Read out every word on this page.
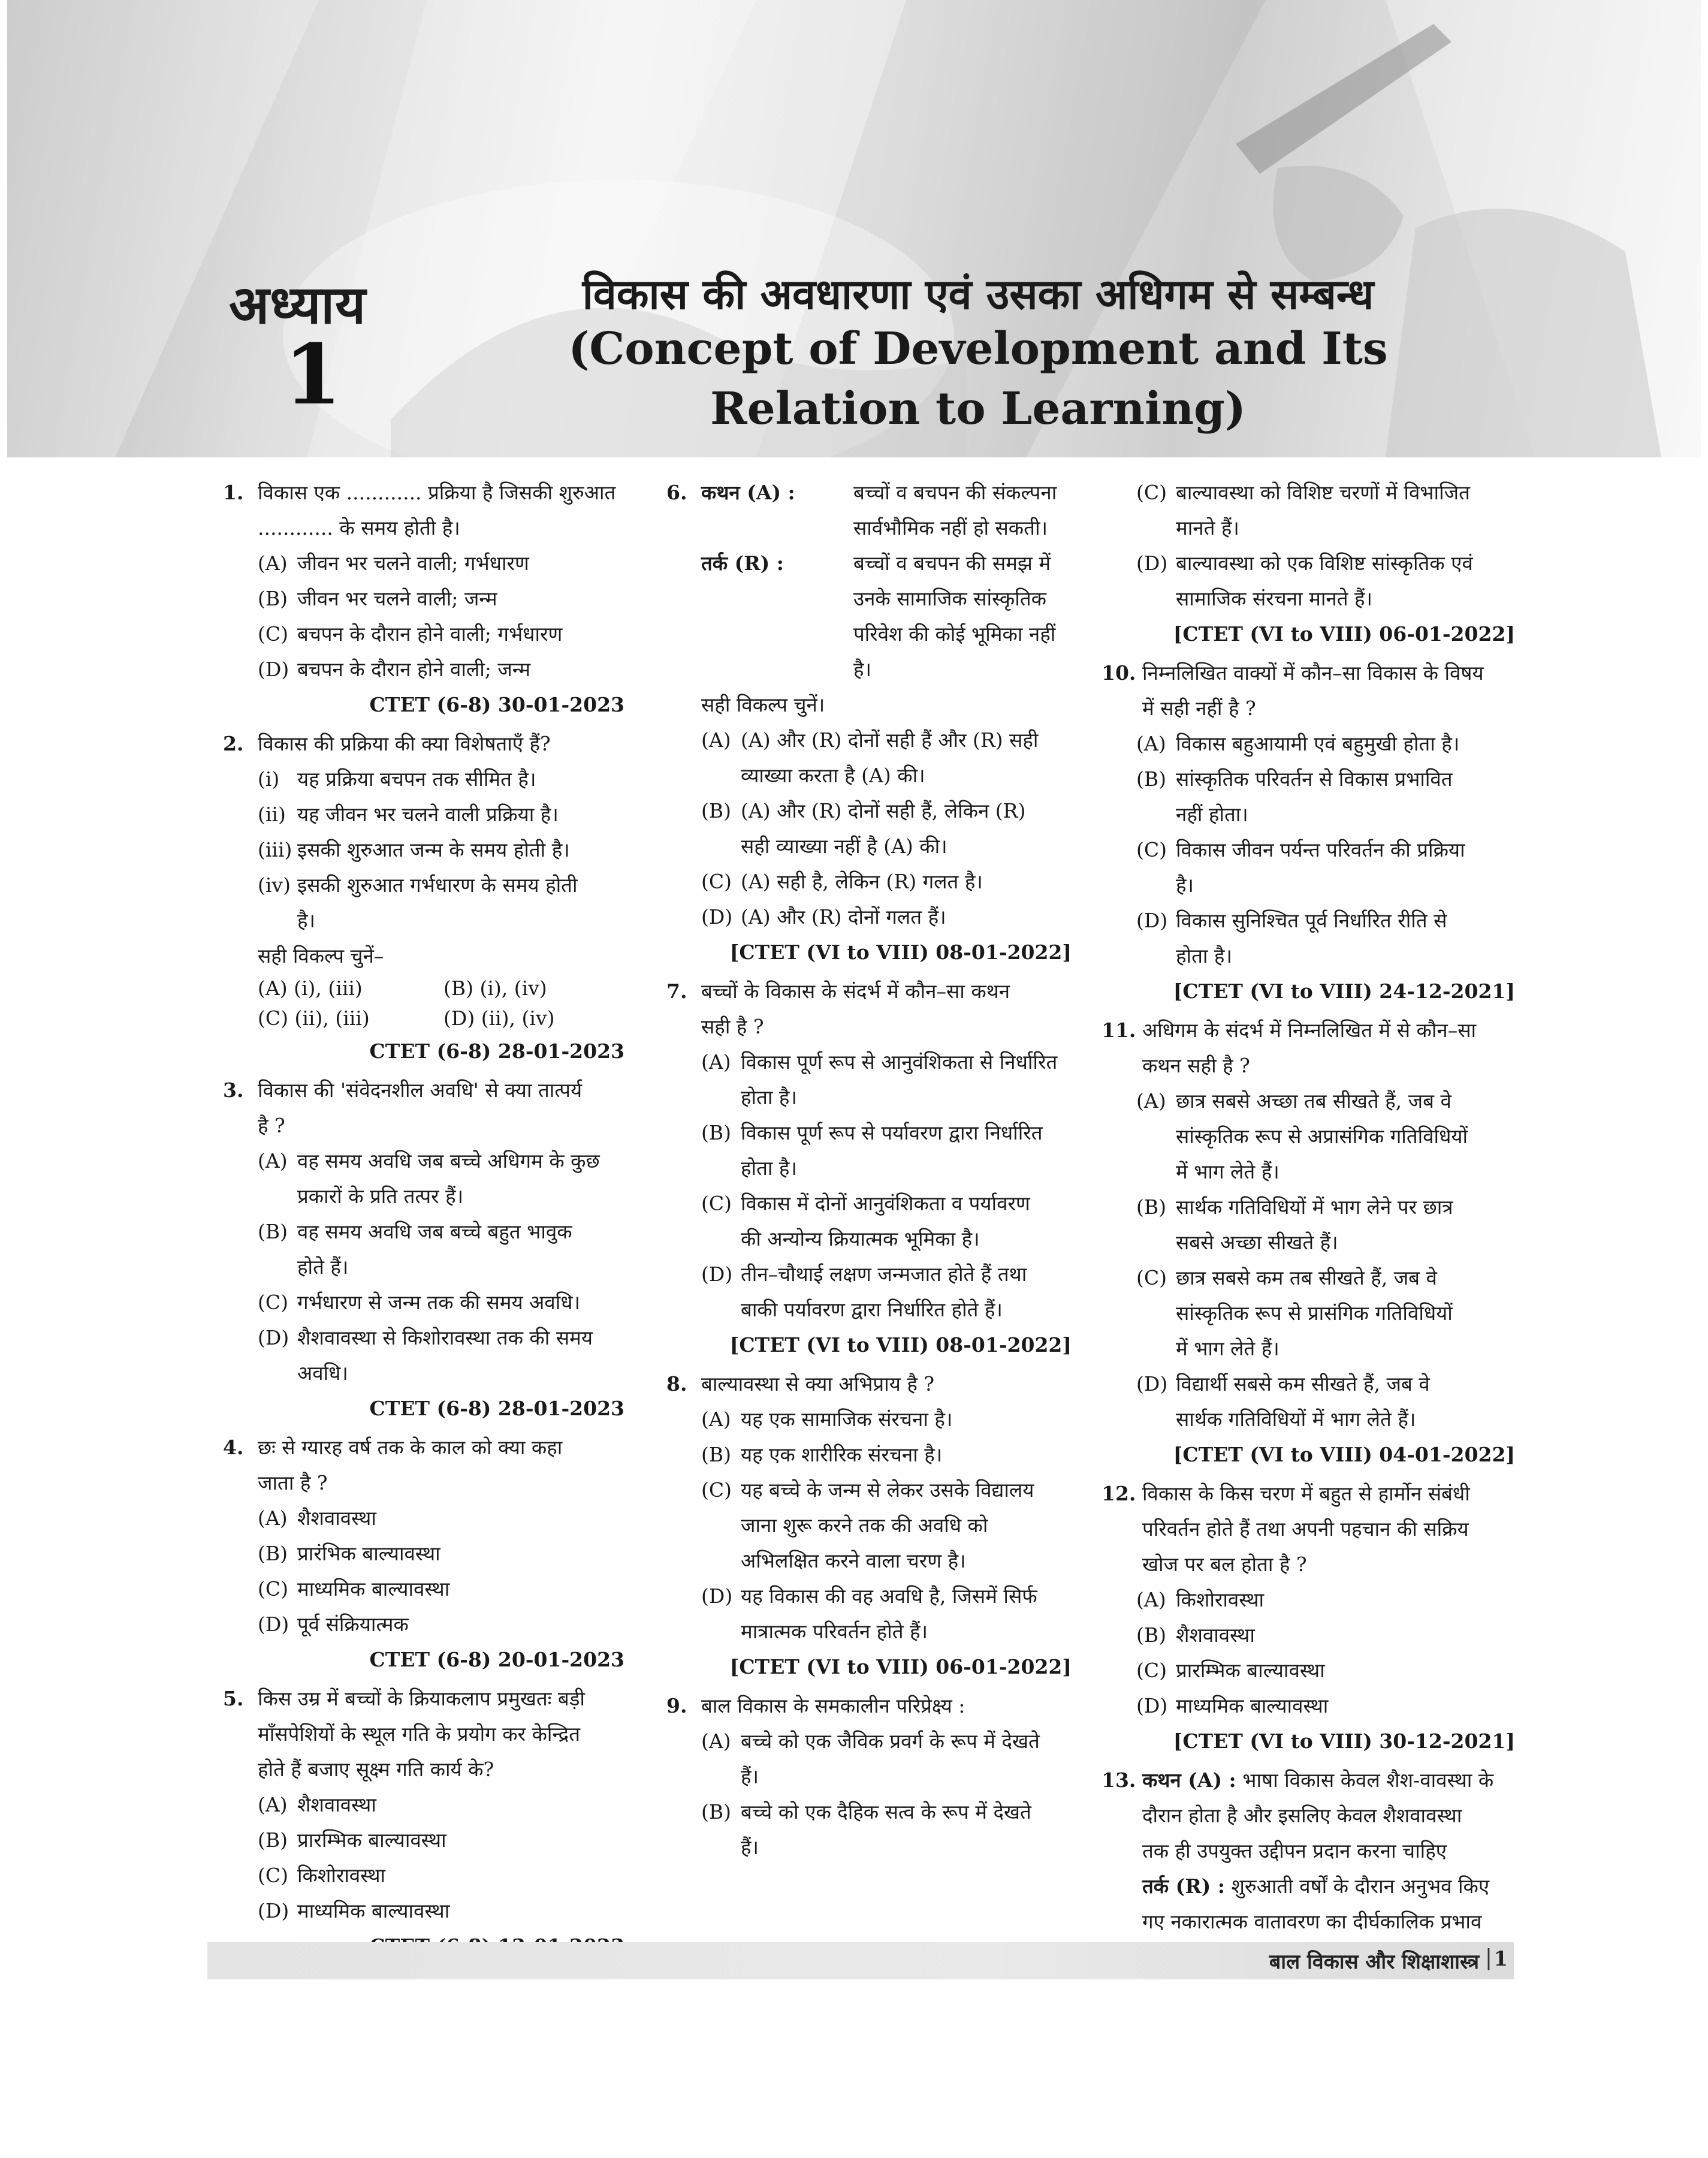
अध्याय
1
विकास की अवधारणा एवं उसका अधिगम से सम्बन्ध
(Concept of Development and Its
Relation to Learning)
1. विकास एक ............ प्रक्रिया है जिसकी शुरुआत
............ के समय होती है।
(A) जीवन भर चलने वाली; गर्भधारण
(B) जीवन भर चलने वाली; जन्म
(C) बचपन के दौरान होने वाली; गर्भधारण
(D) बचपन के दौरान होने वाली; जन्म
CTET (6-8) 30-01-2023
2. विकास की प्रक्रिया की क्या विशेषताएँ हैं?
(i) यह प्रक्रिया बचपन तक सीमित है।
(ii) यह जीवन भर चलने वाली प्रक्रिया है।
(iii) इसकी शुरुआत जन्म के समय होती है।
(iv) इसकी शुरुआत गर्भधारण के समय होती
है।
सही विकल्प चुनें–
(A) (i), (iii)	(B) (i), (iv)
(C) (ii), (iii)	(D) (ii), (iv)
CTET (6-8) 28-01-2023
3. विकास की 'संवेदनशील अवधि' से क्या तात्पर्य
है ?
(A) वह समय अवधि जब बच्चे अधिगम के कुछ
प्रकारों के प्रति तत्पर हैं।
(B) वह समय अवधि जब बच्चे बहुत भावुक
होते हैं।
(C) गर्भधारण से जन्म तक की समय अवधि।
(D) शैशवावस्था से किशोरावस्था तक की समय
अवधि।
CTET (6-8) 28-01-2023
4. छः से ग्यारह वर्ष तक के काल को क्या कहा
जाता है ?
(A) शैशवावस्था
(B) प्रारंभिक बाल्यावस्था
(C) माध्यमिक बाल्यावस्था
(D) पूर्व संक्रियात्मक
CTET (6-8) 20-01-2023
5. किस उम्र में बच्चों के क्रियाकलाप प्रमुखतः बड़ी
माँसपेशियों के स्थूल गति के प्रयोग कर केन्द्रित
होते हैं बजाए सूक्ष्म गति कार्य के?
(A) शैशवावस्था
(B) प्रारम्भिक बाल्यावस्था
(C) किशोरावस्था
(D) माध्यमिक बाल्यावस्था
6. कथन (A) :	बच्चों व बचपन की संकल्पना
सार्वभौमिक नहीं हो सकती।
तर्क (R) :	बच्चों व बचपन की समझ में
उनके सामाजिक सांस्कृतिक
परिवेश की कोई भूमिका नहीं
है।
सही विकल्प चुनें।
(A) (A) और (R) दोनों सही हैं और (R) सही
व्याख्या करता है (A) की।
(B) (A) और (R) दोनों सही हैं, लेकिन (R)
सही व्याख्या नहीं है (A) की।
(C) (A) सही है, लेकिन (R) गलत है।
(D) (A) और (R) दोनों गलत हैं।
[CTET (VI to VIII) 08-01-2022]
7. बच्चों के विकास के संदर्भ में कौन–सा कथन
सही है ?
(A) विकास पूर्ण रूप से आनुवंशिकता से निर्धारित
होता है।
(B) विकास पूर्ण रूप से पर्यावरण द्वारा निर्धारित
होता है।
(C) विकास में दोनों आनुवंशिकता व पर्यावरण
की अन्योन्य क्रियात्मक भूमिका है।
(D) तीन–चौथाई लक्षण जन्मजात होते हैं तथा
बाकी पर्यावरण द्वारा निर्धारित होते हैं।
[CTET (VI to VIII) 08-01-2022]
8. बाल्यावस्था से क्या अभिप्राय है ?
(A) यह एक सामाजिक संरचना है।
(B) यह एक शारीरिक संरचना है।
(C) यह बच्चे के जन्म से लेकर उसके विद्यालय
जाना शुरू करने तक की अवधि को
अभिलक्षित करने वाला चरण है।
(D) यह विकास की वह अवधि है, जिसमें सिर्फ
मात्रात्मक परिवर्तन होते हैं।
[CTET (VI to VIII) 06-01-2022]
9. बाल विकास के समकालीन परिप्रेक्ष्य :
(A) बच्चे को एक जैविक प्रवर्ग के रूप में देखते
हैं।
(B) बच्चे को एक दैहिक सत्व के रूप में देखते
हैं।
(C) बाल्यावस्था को विशिष्ट चरणों में विभाजित
मानते हैं।
(D) बाल्यावस्था को एक विशिष्ट सांस्कृतिक एवं
सामाजिक संरचना मानते हैं।
[CTET (VI to VIII) 06-01-2022]
10. निम्नलिखित वाक्यों में कौन–सा विकास के विषय
में सही नहीं है ?
(A) विकास बहुआयामी एवं बहुमुखी होता है।
(B) सांस्कृतिक परिवर्तन से विकास प्रभावित
नहीं होता।
(C) विकास जीवन पर्यन्त परिवर्तन की प्रक्रिया
है।
(D) विकास सुनिश्चित पूर्व निर्धारित रीति से
होता है।
[CTET (VI to VIII) 24-12-2021]
11. अधिगम के संदर्भ में निम्नलिखित में से कौन–सा
कथन सही है ?
(A) छात्र सबसे अच्छा तब सीखते हैं, जब वे
सांस्कृतिक रूप से अप्रासंगिक गतिविधियों
में भाग लेते हैं।
(B) सार्थक गतिविधियों में भाग लेने पर छात्र
सबसे अच्छा सीखते हैं।
(C) छात्र सबसे कम तब सीखते हैं, जब वे
सांस्कृतिक रूप से प्रासंगिक गतिविधियों
में भाग लेते हैं।
(D) विद्यार्थी सबसे कम सीखते हैं, जब वे
सार्थक गतिविधियों में भाग लेते हैं।
[CTET (VI to VIII) 04-01-2022]
12. विकास के किस चरण में बहुत से हार्मोन संबंधी
परिवर्तन होते हैं तथा अपनी पहचान की सक्रिय
खोज पर बल होता है ?
(A) किशोरावस्था
(B) शैशवावस्था
(C) प्रारम्भिक बाल्यावस्था
(D) माध्यमिक बाल्यावस्था
[CTET (VI to VIII) 30-12-2021]
13. कथन (A) : भाषा विकास केवल शैश-वावस्था के
दौरान होता है और इसलिए केवल शैशवावस्था
तक ही उपयुक्त उद्दीपन प्रदान करना चाहिए
तर्क (R) : शुरुआती वर्षों के दौरान अनुभव किए
गए नकारात्मक वातावरण का दीर्घकालिक प्रभाव
बाल विकास और शिक्षाशास्त्र | 1
